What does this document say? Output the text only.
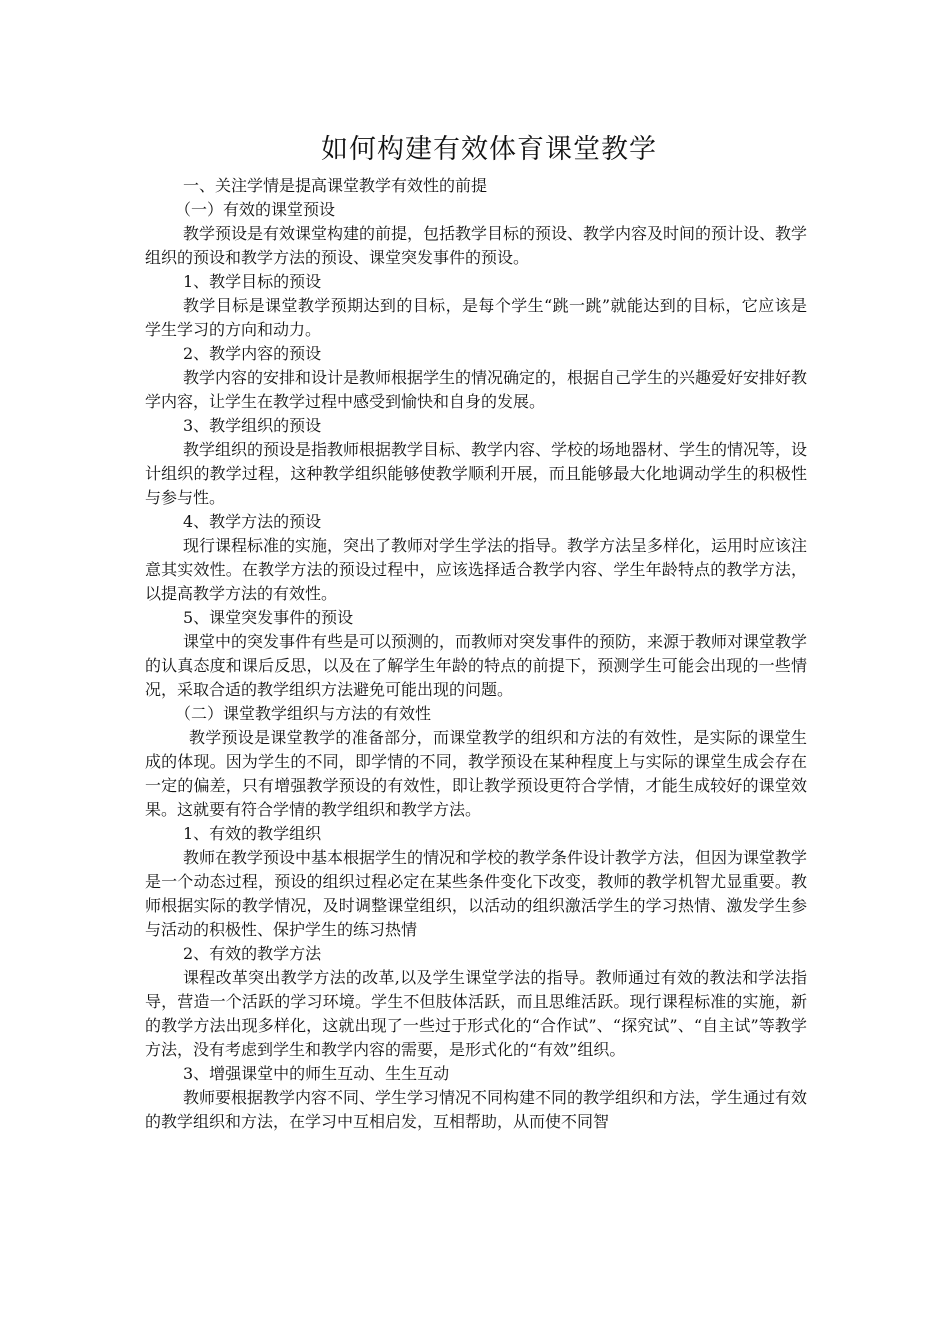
如何构建有效体育课堂教学

一、关注学情是提高课堂教学有效性的前提

（一）有效的课堂预设

教学预设是有效课堂构建的前提，包括教学目标的预设、教学内容及时间的预计设、教学组织的预设和教学方法的预设、课堂突发事件的预设。

1、教学目标的预设

教学目标是课堂教学预期达到的目标，是每个学生“跳一跳”就能达到的目标，它应该是学生学习的方向和动力。

2、教学内容的预设

教学内容的安排和设计是教师根据学生的情况确定的，根据自己学生的兴趣爱好安排好教学内容，让学生在教学过程中感受到愉快和自身的发展。

3、教学组织的预设

教学组织的预设是指教师根据教学目标、教学内容、学校的场地器材、学生的情况等，设计组织的教学过程，这种教学组织能够使教学顺利开展，而且能够最大化地调动学生的积极性与参与性。

4、教学方法的预设

现行课程标准的实施，突出了教师对学生学法的指导。教学方法呈多样化，运用时应该注意其实效性。在教学方法的预设过程中，应该选择适合教学内容、学生年龄特点的教学方法，以提高教学方法的有效性。

5、课堂突发事件的预设

课堂中的突发事件有些是可以预测的，而教师对突发事件的预防，来源于教师对课堂教学的认真态度和课后反思，以及在了解学生年龄的特点的前提下，预测学生可能会出现的一些情况，采取合适的教学组织方法避免可能出现的问题。

（二）课堂教学组织与方法的有效性

教学预设是课堂教学的准备部分，而课堂教学的组织和方法的有效性，是实际的课堂生成的体现。因为学生的不同，即学情的不同，教学预设在某种程度上与实际的课堂生成会存在一定的偏差，只有增强教学预设的有效性，即让教学预设更符合学情，才能生成较好的课堂效果。这就要有符合学情的教学组织和教学方法。

1、有效的教学组织

教师在教学预设中基本根据学生的情况和学校的教学条件设计教学方法，但因为课堂教学是一个动态过程，预设的组织过程必定在某些条件变化下改变，教师的教学机智尤显重要。教师根据实际的教学情况，及时调整课堂组织，以活动的组织激活学生的学习热情、激发学生参与活动的积极性、保护学生的练习热情

2、有效的教学方法

课程改革突出教学方法的改革,以及学生课堂学法的指导。教师通过有效的教法和学法指导，营造一个活跃的学习环境。学生不但肢体活跃，而且思维活跃。现行课程标准的实施，新的教学方法出现多样化，这就出现了一些过于形式化的“合作试”、“探究试”、“自主试”等教学方法，没有考虑到学生和教学内容的需要，是形式化的“有效”组织。

3、增强课堂中的师生互动、生生互动

教师要根据教学内容不同、学生学习情况不同构建不同的教学组织和方法，学生通过有效的教学组织和方法，在学习中互相启发，互相帮助，从而使不同智
